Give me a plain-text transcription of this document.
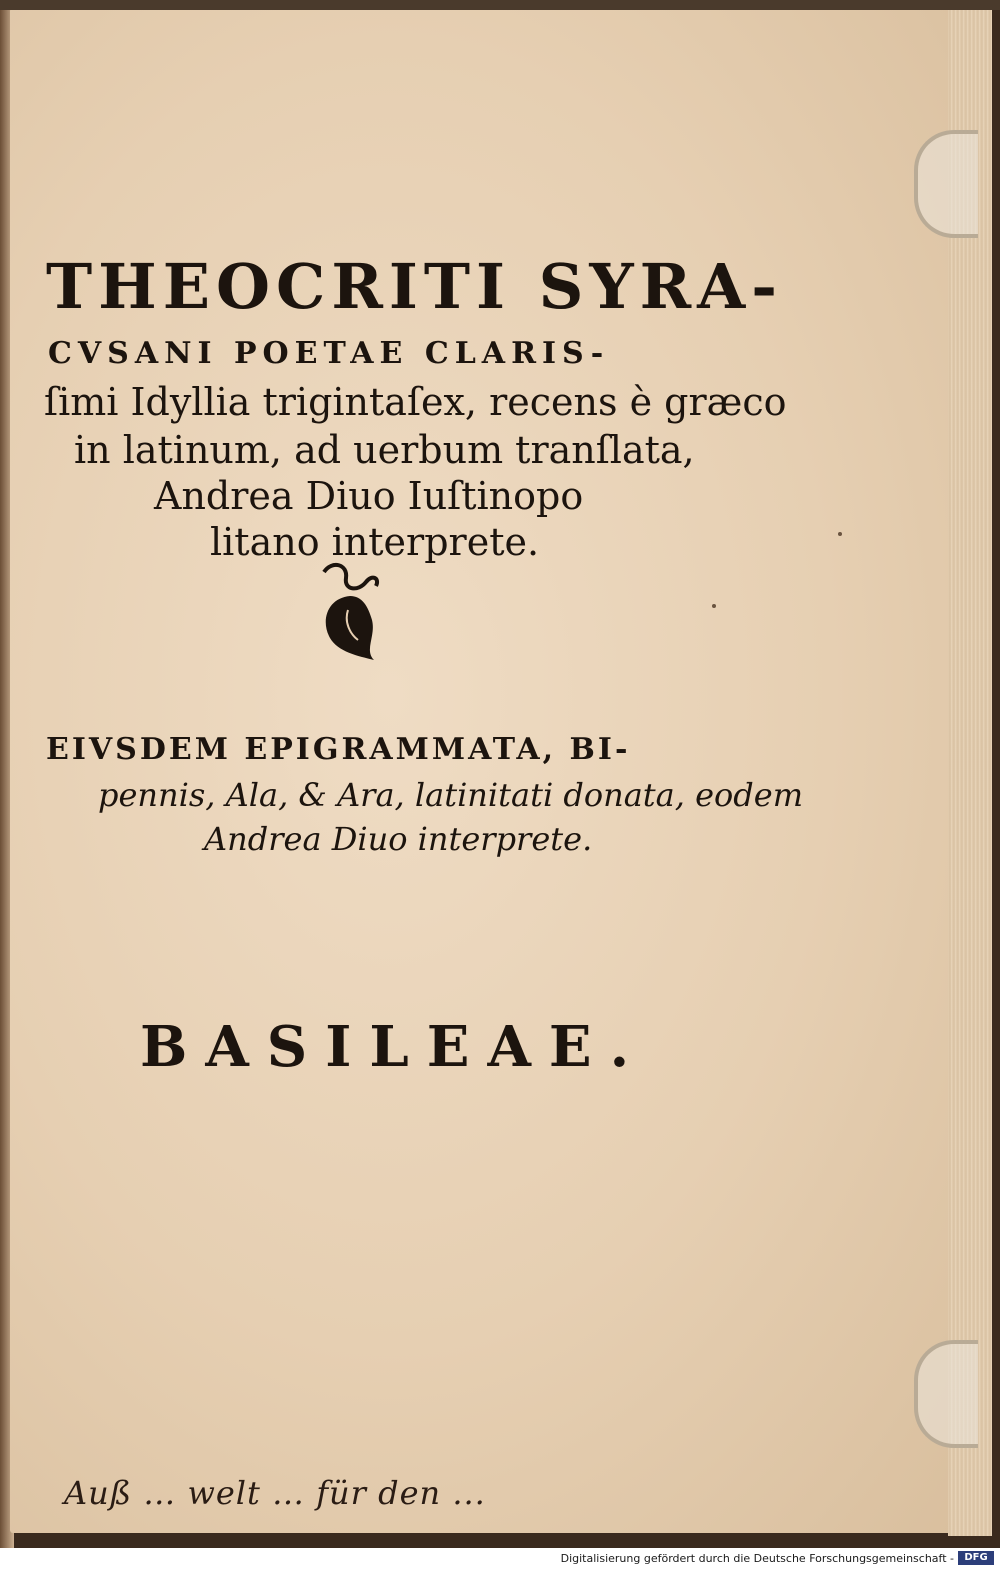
THEOCRITI SYRA-
CVSANI POETAE CLARIS-
ſimi Idyllia trigintaſex, recens è græco
in latinum, ad uerbum tranſlata,
Andrea Diuo Iuſtinopo
litano interprete.
EIVSDEM EPIGRAMMATA, BI-
pennis, Ala, & Ara, latinitati donata, eodem
Andrea Diuo interprete.
BASILEAE.
Auß … welt … für den ...
Digitalisierung gefördert durch die Deutsche Forschungsgemeinschaft -	DFG
